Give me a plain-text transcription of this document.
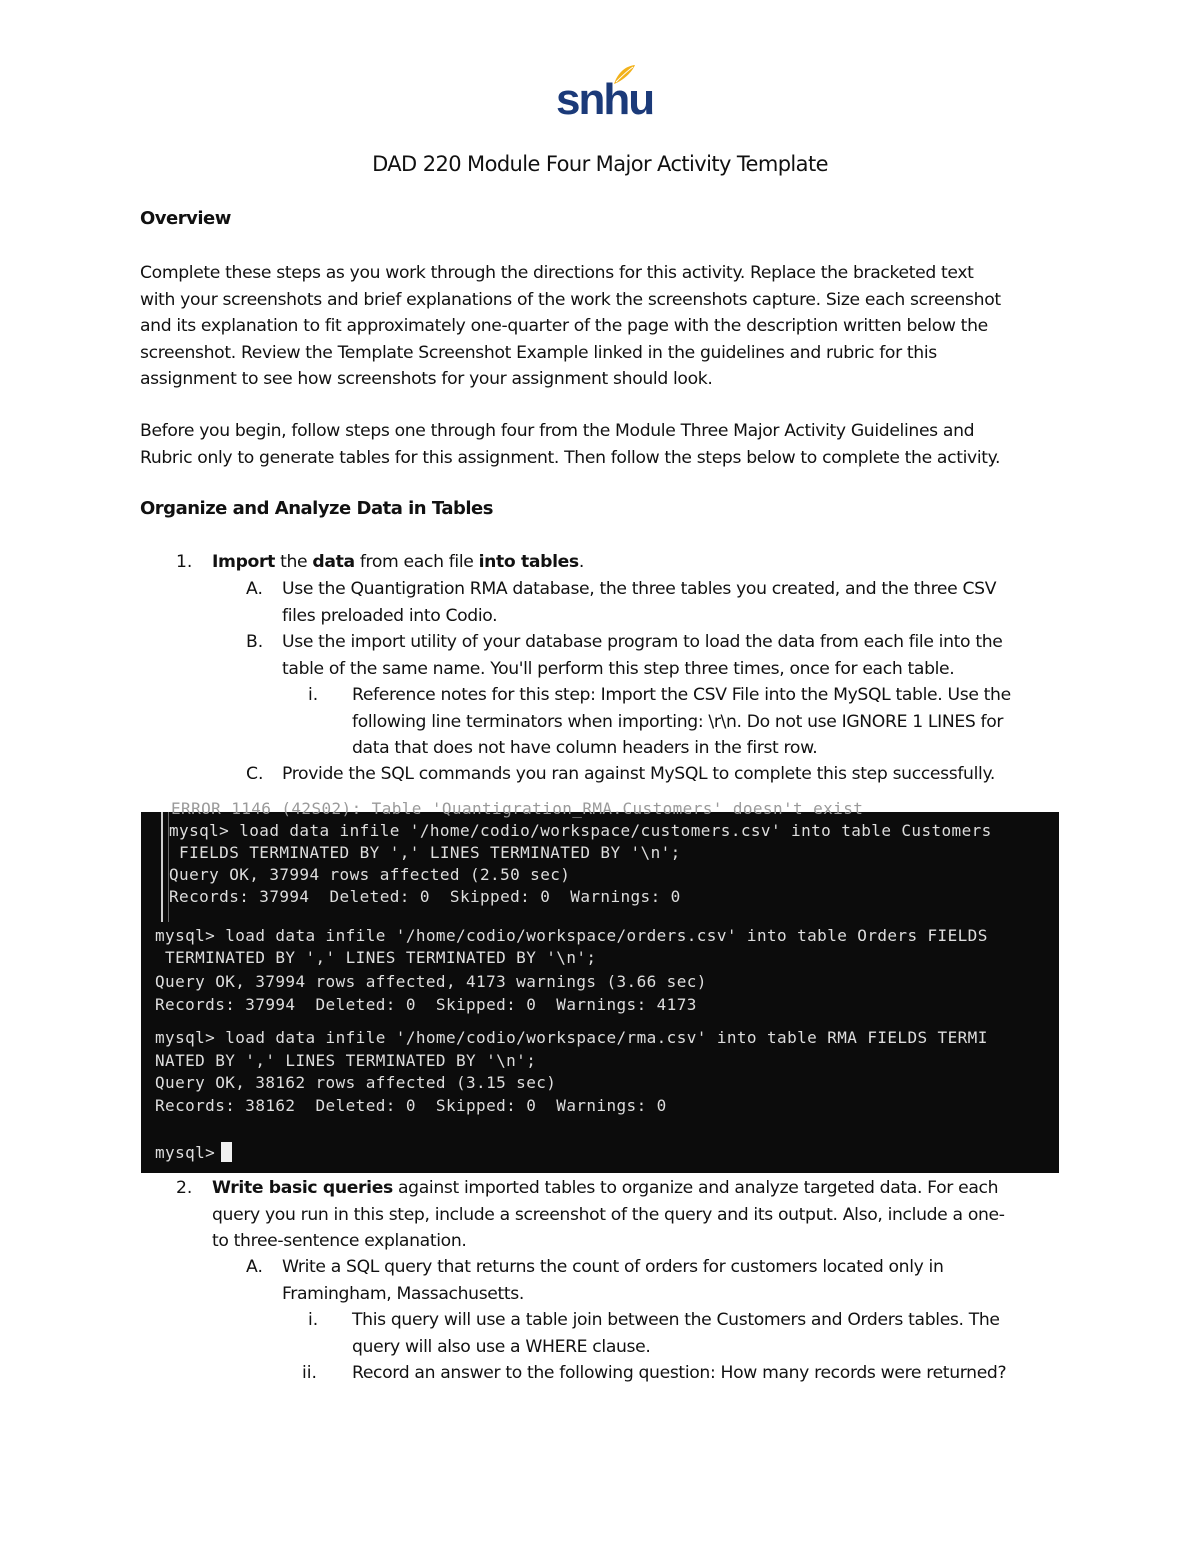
snhu
DAD 220 Module Four Major Activity Template
Overview
Complete these steps as you work through the directions for this activity. Replace the bracketed text
with your screenshots and brief explanations of the work the screenshots capture. Size each screenshot
and its explanation to fit approximately one-quarter of the page with the description written below the
screenshot. Review the Template Screenshot Example linked in the guidelines and rubric for this
assignment to see how screenshots for your assignment should look.
Before you begin, follow steps one through four from the Module Three Major Activity Guidelines and
Rubric only to generate tables for this assignment. Then follow the steps below to complete the activity.
Organize and Analyze Data in Tables
1. Import the data from each file into tables.
A. Use the Quantigration RMA database, the three tables you created, and the three CSV
files preloaded into Codio.
B. Use the import utility of your database program to load the data from each file into the
table of the same name. You'll perform this step three times, once for each table.
i. Reference notes for this step: Import the CSV File into the MySQL table. Use the
following line terminators when importing: \r\n. Do not use IGNORE 1 LINES for
data that does not have column headers in the first row.
C. Provide the SQL commands you ran against MySQL to complete this step successfully.
ERROR 1146 (42S02): Table 'Quantigration_RMA.Customers' doesn't exist
mysql> load data infile '/home/codio/workspace/customers.csv' into table Customers
FIELDS TERMINATED BY ',' LINES TERMINATED BY '\n';
Query OK, 37994 rows affected (2.50 sec)
Records: 37994  Deleted: 0  Skipped: 0  Warnings: 0
mysql> load data infile '/home/codio/workspace/orders.csv' into table Orders FIELDS
TERMINATED BY ',' LINES TERMINATED BY '\n';
Query OK, 37994 rows affected, 4173 warnings (3.66 sec)
Records: 37994  Deleted: 0  Skipped: 0  Warnings: 4173
mysql> load data infile '/home/codio/workspace/rma.csv' into table RMA FIELDS TERMI
NATED BY ',' LINES TERMINATED BY '\n';
Query OK, 38162 rows affected (3.15 sec)
Records: 38162  Deleted: 0  Skipped: 0  Warnings: 0
mysql>
2. Write basic queries against imported tables to organize and analyze targeted data. For each
query you run in this step, include a screenshot of the query and its output. Also, include a one-
to three-sentence explanation.
A. Write a SQL query that returns the count of orders for customers located only in
Framingham, Massachusetts.
i. This query will use a table join between the Customers and Orders tables. The
query will also use a WHERE clause.
ii. Record an answer to the following question: How many records were returned?
